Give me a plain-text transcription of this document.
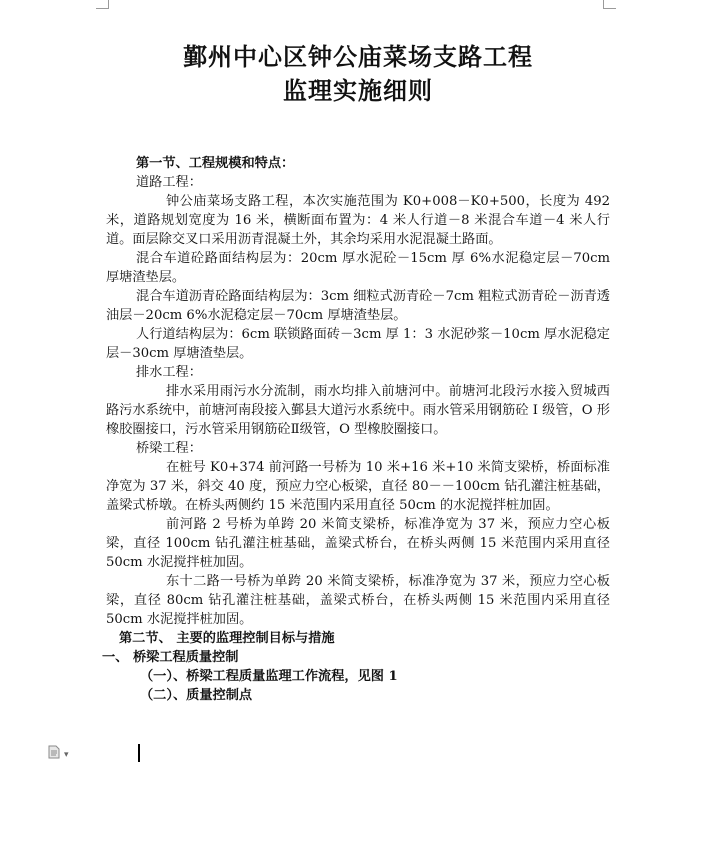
鄞州中心区钟公庙菜场支路工程
监理实施细则

第一节、工程规模和特点：

道路工程：

钟公庙菜场支路工程，本次实施范围为 K0+008－K0+500，长度为 492 米，道路规划宽度为 16 米，横断面布置为：4 米人行道－8 米混合车道－4 米人行道。面层除交叉口采用沥青混凝土外，其余均采用水泥混凝土路面。

混合车道砼路面结构层为：20cm 厚水泥砼－15cm 厚 6%水泥稳定层－70cm 厚塘渣垫层。

混合车道沥青砼路面结构层为：3cm 细粒式沥青砼－7cm 粗粒式沥青砼－沥青透油层－20cm 6%水泥稳定层－70cm 厚塘渣垫层。

人行道结构层为：6cm 联锁路面砖－3cm 厚 1：3 水泥砂浆－10cm 厚水泥稳定层－30cm 厚塘渣垫层。

排水工程：

排水采用雨污水分流制，雨水均排入前塘河中。前塘河北段污水接入贸城西路污水系统中，前塘河南段接入鄞县大道污水系统中。雨水管采用钢筋砼 I 级管，O 形橡胶圈接口，污水管采用钢筋砼Ⅱ级管，O 型橡胶圈接口。

桥梁工程：

在桩号 K0+374 前河路一号桥为 10 米+16 米+10 米简支梁桥，桥面标准净宽为 37 米，斜交 40 度，预应力空心板梁，直径 80－－100cm 钻孔灌注桩基础，盖梁式桥墩。在桥头两侧约 15 米范围内采用直径 50cm 的水泥搅拌桩加固。

前河路 2 号桥为单跨 20 米简支梁桥，标准净宽为 37 米，预应力空心板梁，直径 100cm 钻孔灌注桩基础，盖梁式桥台，在桥头两侧 15 米范围内采用直径 50cm 水泥搅拌桩加固。

东十二路一号桥为单跨 20 米简支梁桥，标准净宽为 37 米，预应力空心板梁，直径 80cm 钻孔灌注桩基础，盖梁式桥台，在桥头两侧 15 米范围内采用直径 50cm 水泥搅拌桩加固。

第二节、 主要的监理控制目标与措施

一、 桥梁工程质量控制

（一）、桥梁工程质量监理工作流程，见图 1

（二）、质量控制点

▾
